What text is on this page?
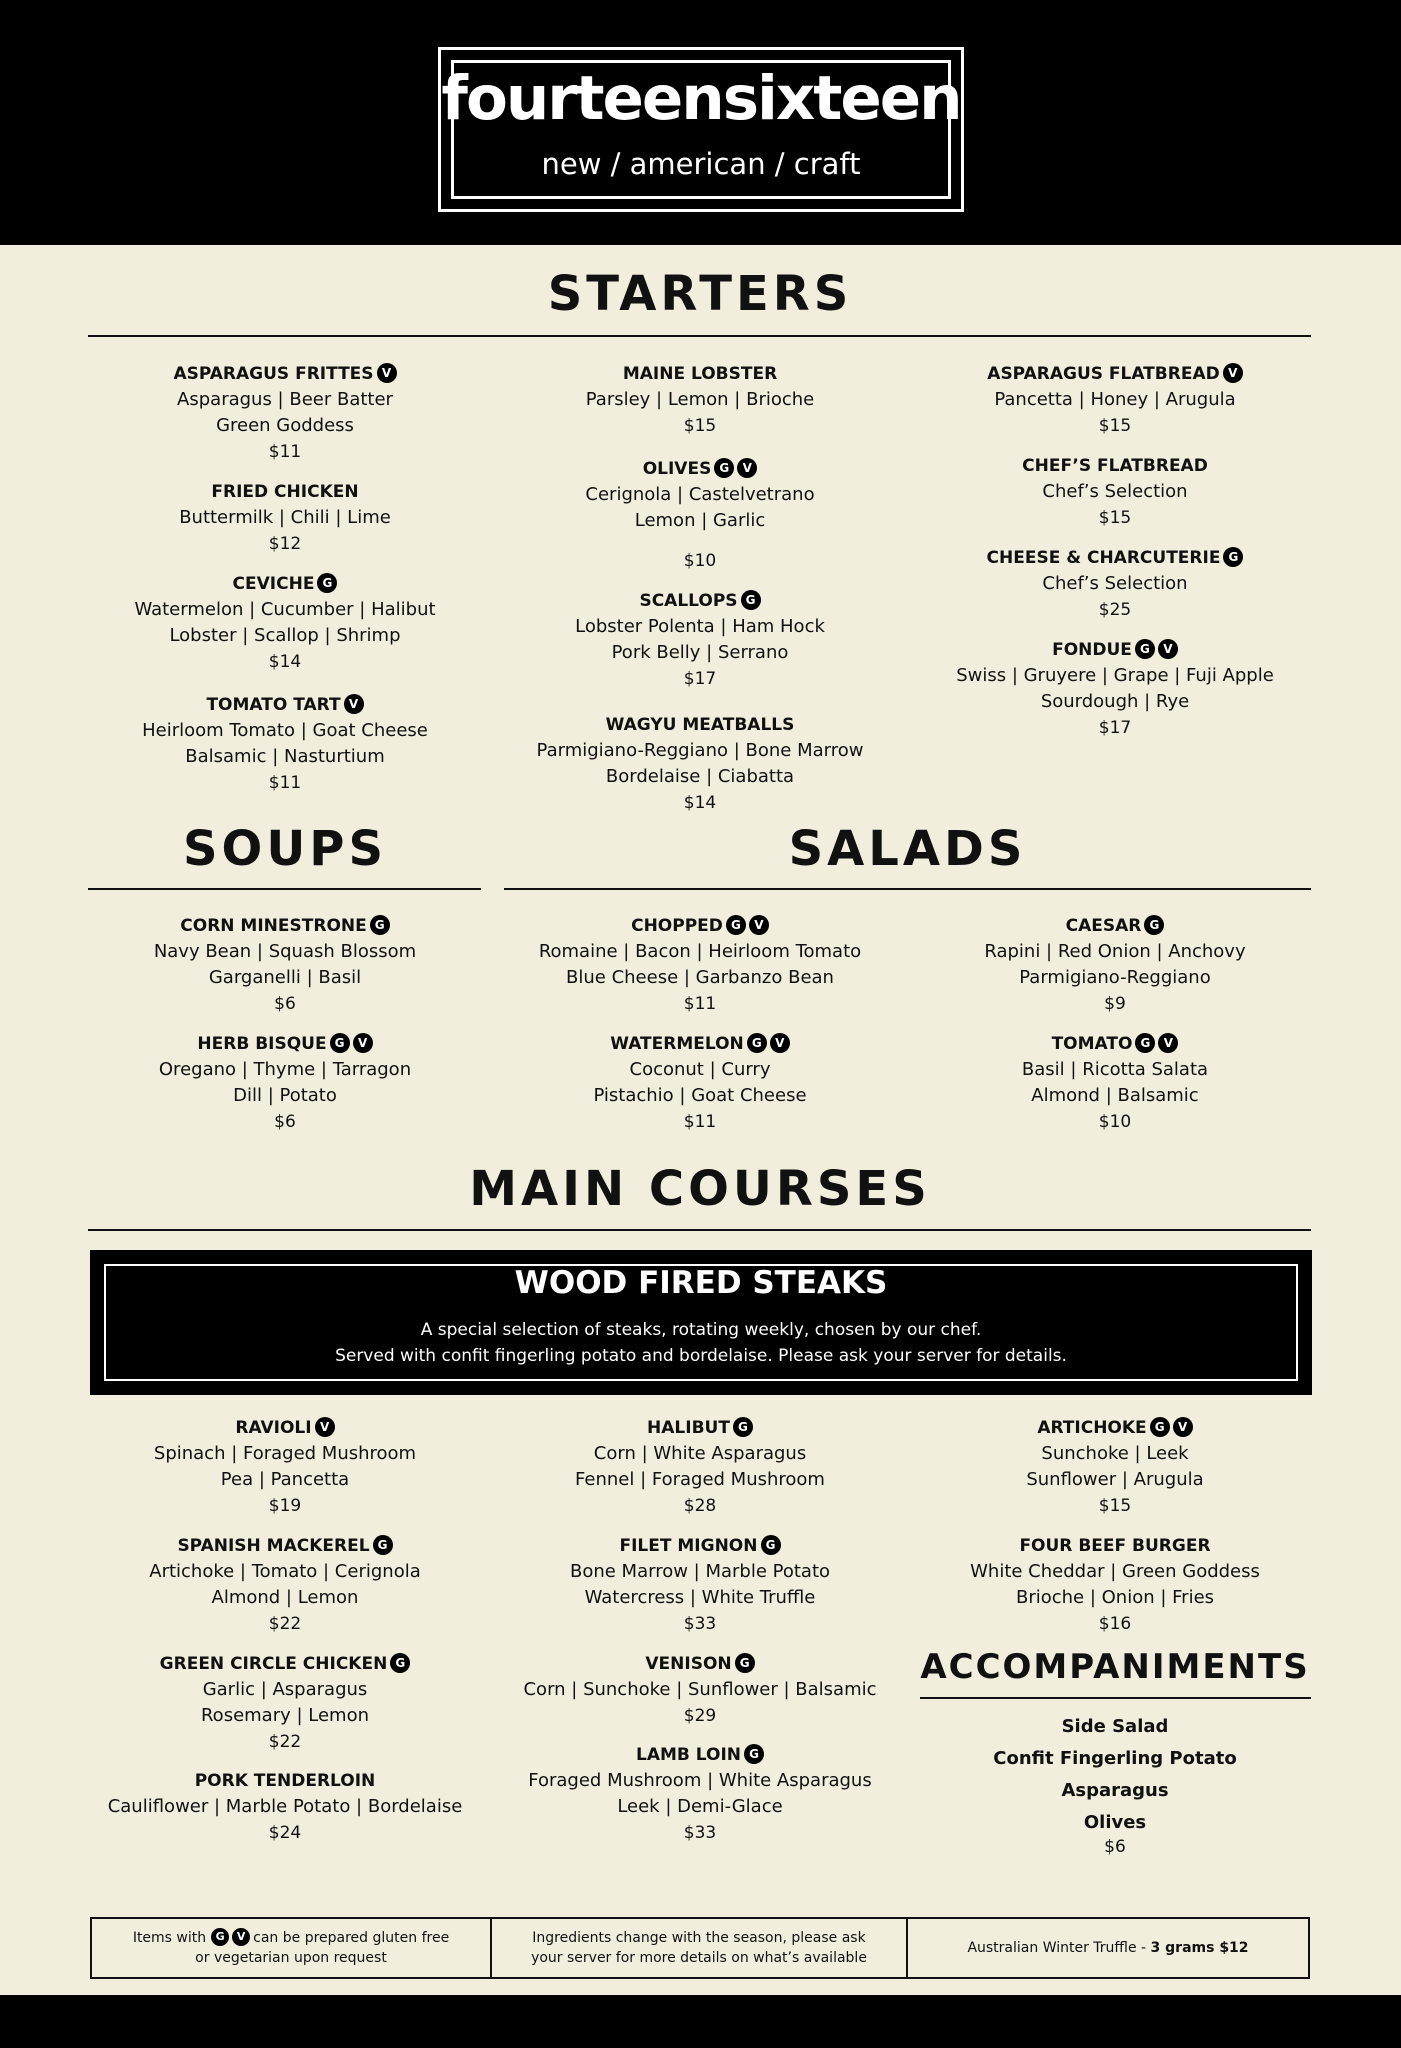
fourteensixteen
new / american / craft
STARTERS
ASPARAGUS FRITTES V
Asparagus | Beer Batter
Green Goddess
$11
FRIED CHICKEN
Buttermilk | Chili | Lime
$12
CEVICHE G
Watermelon | Cucumber | Halibut
Lobster | Scallop | Shrimp
$14
TOMATO TART V
Heirloom Tomato | Goat Cheese
Balsamic | Nasturtium
$11
MAINE LOBSTER
Parsley | Lemon | Brioche
$15
OLIVES G V
Cerignola | Castelvetrano
Lemon | Garlic
$10
SCALLOPS G
Lobster Polenta | Ham Hock
Pork Belly | Serrano
$17
WAGYU MEATBALLS
Parmigiano-Reggiano | Bone Marrow
Bordelaise | Ciabatta
$14
ASPARAGUS FLATBREAD V
Pancetta | Honey | Arugula
$15
CHEF’S FLATBREAD
Chef’s Selection
$15
CHEESE & CHARCUTERIE G
Chef’s Selection
$25
FONDUE G V
Swiss | Gruyere | Grape | Fuji Apple
Sourdough | Rye
$17
SOUPS
CORN MINESTRONE G
Navy Bean | Squash Blossom
Garganelli | Basil
$6
HERB BISQUE G V
Oregano | Thyme | Tarragon
Dill | Potato
$6
SALADS
CHOPPED G V
Romaine | Bacon | Heirloom Tomato
Blue Cheese | Garbanzo Bean
$11
WATERMELON G V
Coconut | Curry
Pistachio | Goat Cheese
$11
CAESAR G
Rapini | Red Onion | Anchovy
Parmigiano-Reggiano
$9
TOMATO G V
Basil | Ricotta Salata
Almond | Balsamic
$10
MAIN COURSES
WOOD FIRED STEAKS
A special selection of steaks, rotating weekly, chosen by our chef.
Served with confit fingerling potato and bordelaise. Please ask your server for details.
RAVIOLI V
Spinach | Foraged Mushroom
Pea | Pancetta
$19
SPANISH MACKEREL G
Artichoke | Tomato | Cerignola
Almond | Lemon
$22
GREEN CIRCLE CHICKEN G
Garlic | Asparagus
Rosemary | Lemon
$22
PORK TENDERLOIN
Cauliflower | Marble Potato | Bordelaise
$24
HALIBUT G
Corn | White Asparagus
Fennel | Foraged Mushroom
$28
FILET MIGNON G
Bone Marrow | Marble Potato
Watercress | White Truffle
$33
VENISON G
Corn | Sunchoke | Sunflower | Balsamic
$29
LAMB LOIN G
Foraged Mushroom | White Asparagus
Leek | Demi-Glace
$33
ARTICHOKE G V
Sunchoke | Leek
Sunflower | Arugula
$15
FOUR BEEF BURGER
White Cheddar | Green Goddess
Brioche | Onion | Fries
$16
ACCOMPANIMENTS
Side Salad
Confit Fingerling Potato
Asparagus
Olives
$6
Items with G V can be prepared gluten free
or vegetarian upon request
Ingredients change with the season, please ask
your server for more details on what’s available
Australian Winter Truffle - 3 grams $12
